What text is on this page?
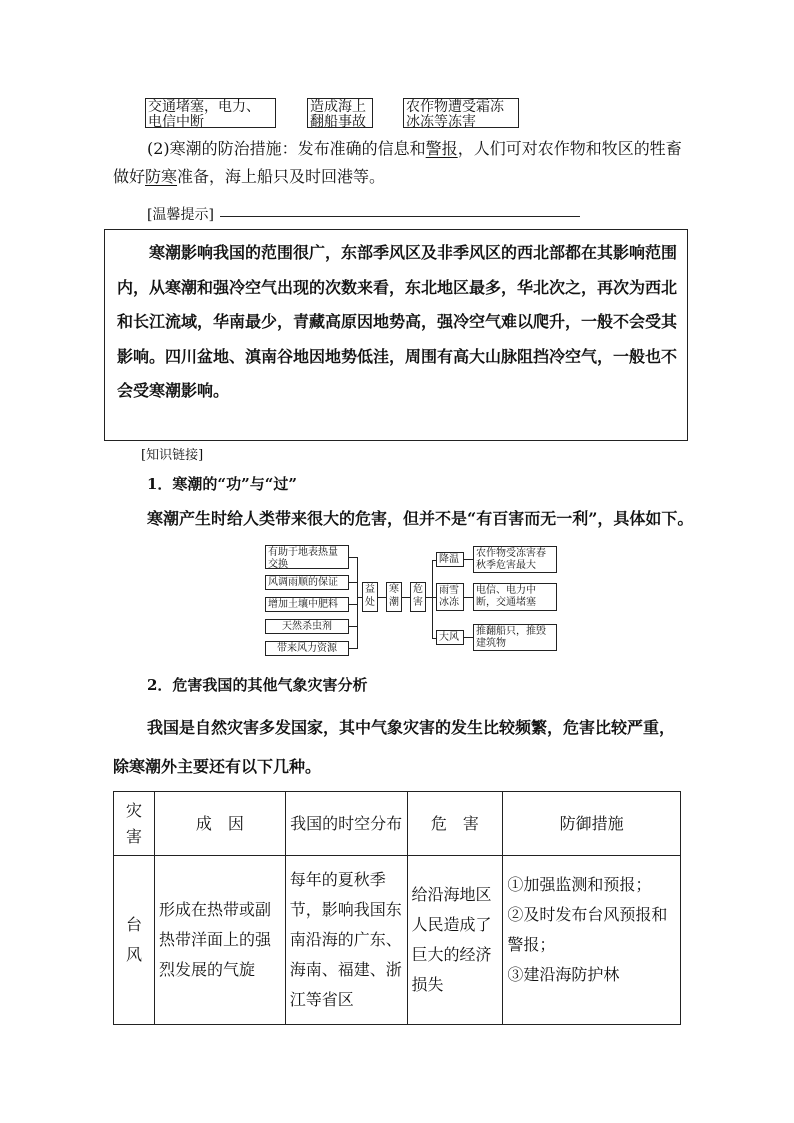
交通堵塞，电力、
电信中断
造成海上
翻船事故
农作物遭受霜冻
冰冻等冻害
(2)寒潮的防治措施：发布准确的信息和警报，人们可对农作物和牧区的牲畜
做好防寒准备，海上船只及时回港等。
[温馨提示]
寒潮影响我国的范围很广，东部季风区及非季风区的西北部都在其影响范围内，从寒潮和强冷空气出现的次数来看，东北地区最多，华北次之，再次为西北和长江流域，华南最少，青藏高原因地势高，强冷空气难以爬升，一般不会受其影响。四川盆地、滇南谷地因地势低洼，周围有高大山脉阻挡冷空气，一般也不会受寒潮影响。
[知识链接]
1．寒潮的“功”与“过”
寒潮产生时给人类带来很大的危害，但并不是“有百害而无一利”，具体如下。
有助于地表热量交换
风调雨顺的保证
增加土壤中肥料
天然杀虫剂
带来风力资源
益处
寒潮
危害
降温
雨雪冰冻
大风
农作物受冻害春秋季危害最大
电信、电力中断，交通堵塞
推翻船只，推毁建筑物
2．危害我国的其他气象灾害分析
我国是自然灾害多发国家，其中气象灾害的发生比较频繁，危害比较严重，
除寒潮外主要还有以下几种。
灾害	成　因	我国的时空分布	危　害	防御措施
台风	形成在热带或副热带洋面上的强烈发展的气旋	每年的夏秋季节，影响我国东南沿海的广东、海南、福建、浙江等省区	给沿海地区人民造成了巨大的经济损失	①加强监测和预报；
②及时发布台风预报和警报；
③建沿海防护林
